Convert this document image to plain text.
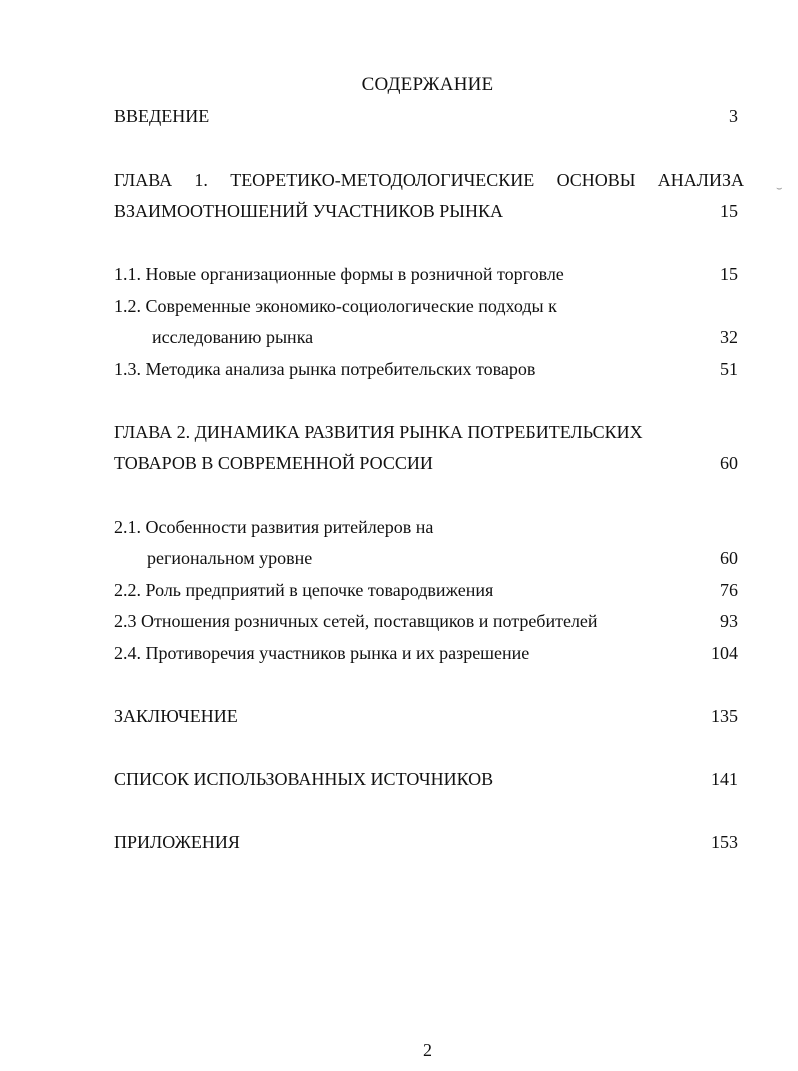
СОДЕРЖАНИЕ
ВВЕДЕНИЕ	3
ГЛАВА 1. ТЕОРЕТИКО-МЕТОДОЛОГИЧЕСКИЕ ОСНОВЫ АНАЛИЗА	⌣
ВЗАИМООТНОШЕНИЙ УЧАСТНИКОВ РЫНКА	15
1.1. Новые организационные формы в розничной торговле	15
1.2. Современные экономико-социологические подходы к
исследованию рынка	32
1.3. Методика анализа рынка потребительских товаров	51
ГЛАВА 2. ДИНАМИКА РАЗВИТИЯ РЫНКА ПОТРЕБИТЕЛЬСКИХ
ТОВАРОВ В СОВРЕМЕННОЙ РОССИИ	60
2.1. Особенности развития ритейлеров на
региональном уровне	60
2.2. Роль предприятий в цепочке товародвижения	76
2.3 Отношения розничных сетей, поставщиков и потребителей	93
2.4. Противоречия участников рынка и их разрешение	104
ЗАКЛЮЧЕНИЕ	135
СПИСОК ИСПОЛЬЗОВАННЫХ ИСТОЧНИКОВ	141
ПРИЛОЖЕНИЯ	153
2
